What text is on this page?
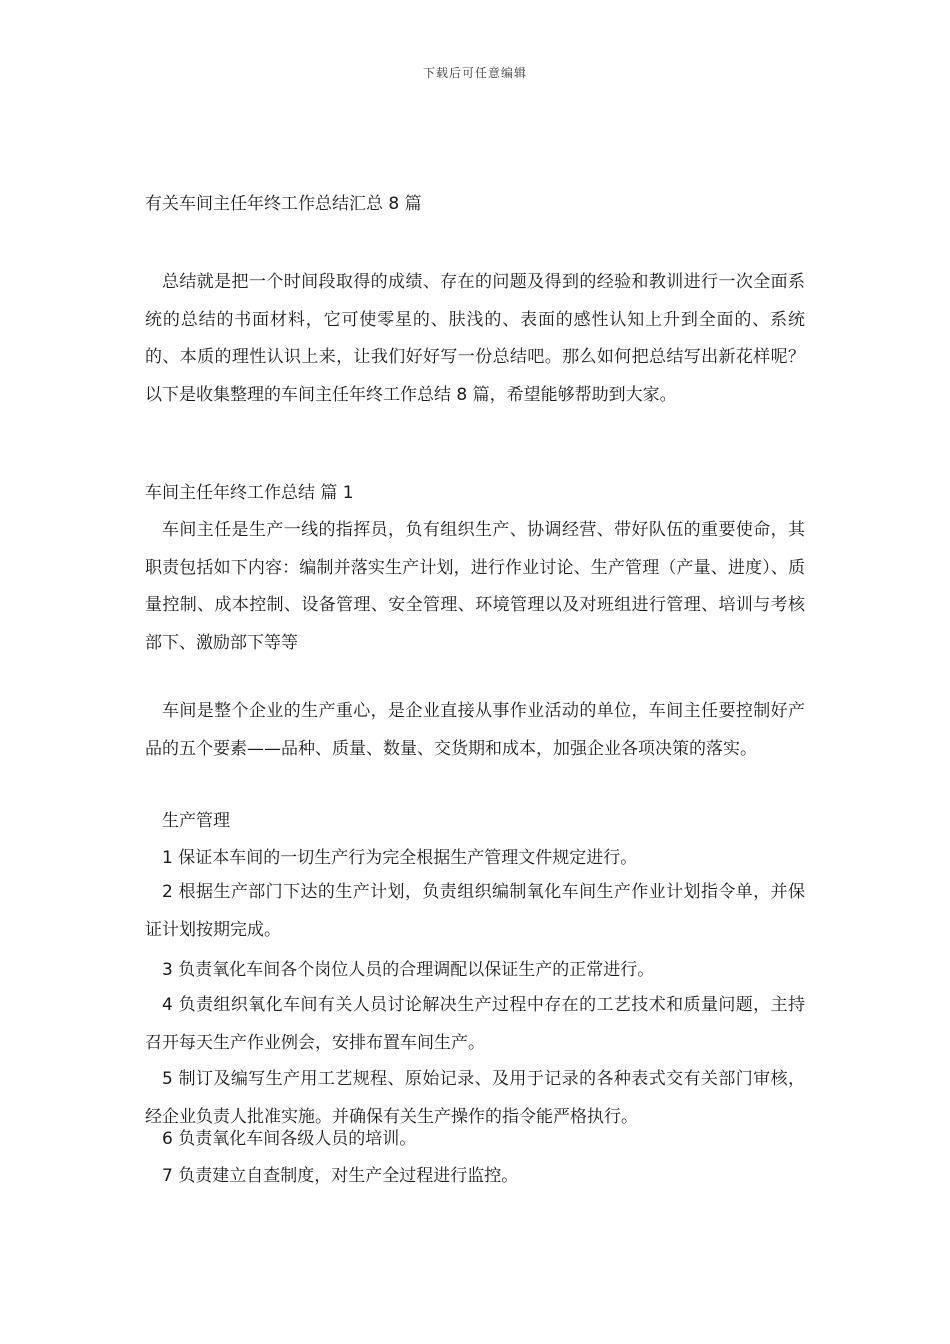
下载后可任意编辑
有关车间主任年终工作总结汇总 8 篇

总结就是把一个时间段取得的成绩、存在的问题及得到的经验和教训进行一次全面系统的总结的书面材料，它可使零星的、肤浅的、表面的感性认知上升到全面的、系统的、本质的理性认识上来，让我们好好写一份总结吧。那么如何把总结写出新花样呢？以下是收集整理的车间主任年终工作总结 8 篇，希望能够帮助到大家。

车间主任年终工作总结 篇 1

车间主任是生产一线的指挥员，负有组织生产、协调经营、带好队伍的重要使命，其职责包括如下内容：编制并落实生产计划，进行作业讨论、生产管理（产量、进度）、质量控制、成本控制、设备管理、安全管理、环境管理以及对班组进行管理、培训与考核部下、激励部下等等

车间是整个企业的生产重心，是企业直接从事作业活动的单位，车间主任要控制好产品的五个要素——品种、质量、数量、交货期和成本，加强企业各项决策的落实。

生产管理
1 保证本车间的一切生产行为完全根据生产管理文件规定进行。

2 根据生产部门下达的生产计划，负责组织编制氧化车间生产作业计划指令单，并保证计划按期完成。

3 负责氧化车间各个岗位人员的合理调配以保证生产的正常进行。

4 负责组织氧化车间有关人员讨论解决生产过程中存在的工艺技术和质量问题，主持召开每天生产作业例会，安排布置车间生产。

5 制订及编写生产用工艺规程、原始记录、及用于记录的各种表式交有关部门审核，经企业负责人批准实施。并确保有关生产操作的指令能严格执行。

6 负责氧化车间各级人员的培训。
7 负责建立自查制度，对生产全过程进行监控。
